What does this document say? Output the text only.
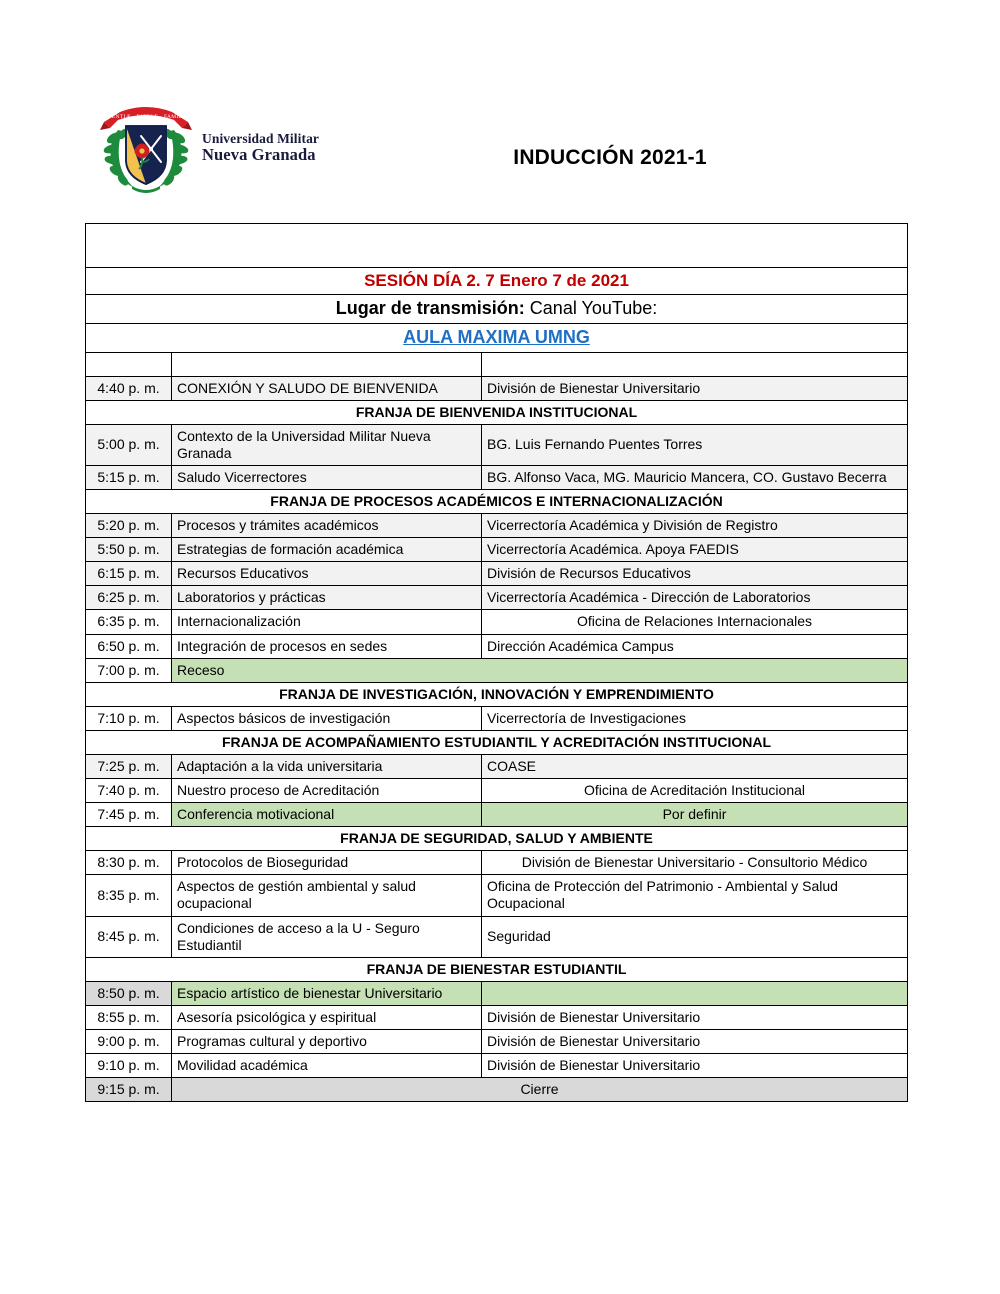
SCIENTIÆ · PATRIÆ · FAMILIÆ
Universidad Militar
Nueva Granada	INDUCCIÓN 2021-1
PROGRAMAS NOCTURNOS		
SESIÓN DÍA 2. 7 Enero 7 de 2021		
Lugar de transmisión: Canal YouTube:		
AULA MAXIMA UMNG		
HORA	TEMÁTICA	RESPONSABLE
4:40 p. m.	CONEXIÓN Y SALUDO DE BIENVENIDA	División de Bienestar Universitario
FRANJA DE BIENVENIDA INSTITUCIONAL		
5:00 p. m.	Contexto de la Universidad Militar Nueva Granada	BG. Luis Fernando Puentes Torres
5:15 p. m.	Saludo Vicerrectores	BG. Alfonso Vaca, MG. Mauricio Mancera, CO. Gustavo Becerra
FRANJA DE PROCESOS ACADÉMICOS E INTERNACIONALIZACIÓN		
5:20 p. m.	Procesos y trámites académicos	Vicerrectoría Académica y División de Registro
5:50 p. m.	Estrategias de formación académica	Vicerrectoría Académica. Apoya FAEDIS
6:15 p. m.	Recursos Educativos	División de Recursos Educativos
6:25 p. m.	Laboratorios y prácticas	Vicerrectoría Académica - Dirección de Laboratorios
6:35 p. m.	Internacionalización	Oficina de Relaciones Internacionales
6:50 p. m.	Integración de procesos en sedes	Dirección Académica Campus
7:00 p. m.	Receso	
FRANJA DE INVESTIGACIÓN, INNOVACIÓN Y EMPRENDIMIENTO		
7:10 p. m.	Aspectos básicos de investigación	Vicerrectoría de Investigaciones
FRANJA DE ACOMPAÑAMIENTO ESTUDIANTIL Y ACREDITACIÓN INSTITUCIONAL		
7:25 p. m.	Adaptación a la vida universitaria	COASE
7:40 p. m.	Nuestro proceso de Acreditación	Oficina de Acreditación Institucional
7:45 p. m.	Conferencia motivacional	Por definir
FRANJA DE SEGURIDAD, SALUD Y AMBIENTE		
8:30 p. m.	Protocolos de Bioseguridad	División de Bienestar Universitario - Consultorio Médico
8:35 p. m.	Aspectos de gestión ambiental y salud ocupacional	Oficina de Protección del Patrimonio - Ambiental y Salud Ocupacional
8:45 p. m.	Condiciones de acceso a la U - Seguro Estudiantil	Seguridad
FRANJA DE BIENESTAR ESTUDIANTIL		
8:50 p. m.	Espacio artístico de bienestar Universitario	
8:55 p. m.	Asesoría psicológica y espiritual	División de Bienestar Universitario
9:00 p. m.	Programas cultural y deportivo	División de Bienestar Universitario
9:10 p. m.	Movilidad académica	División de Bienestar Universitario
9:15 p. m.	Cierre	
